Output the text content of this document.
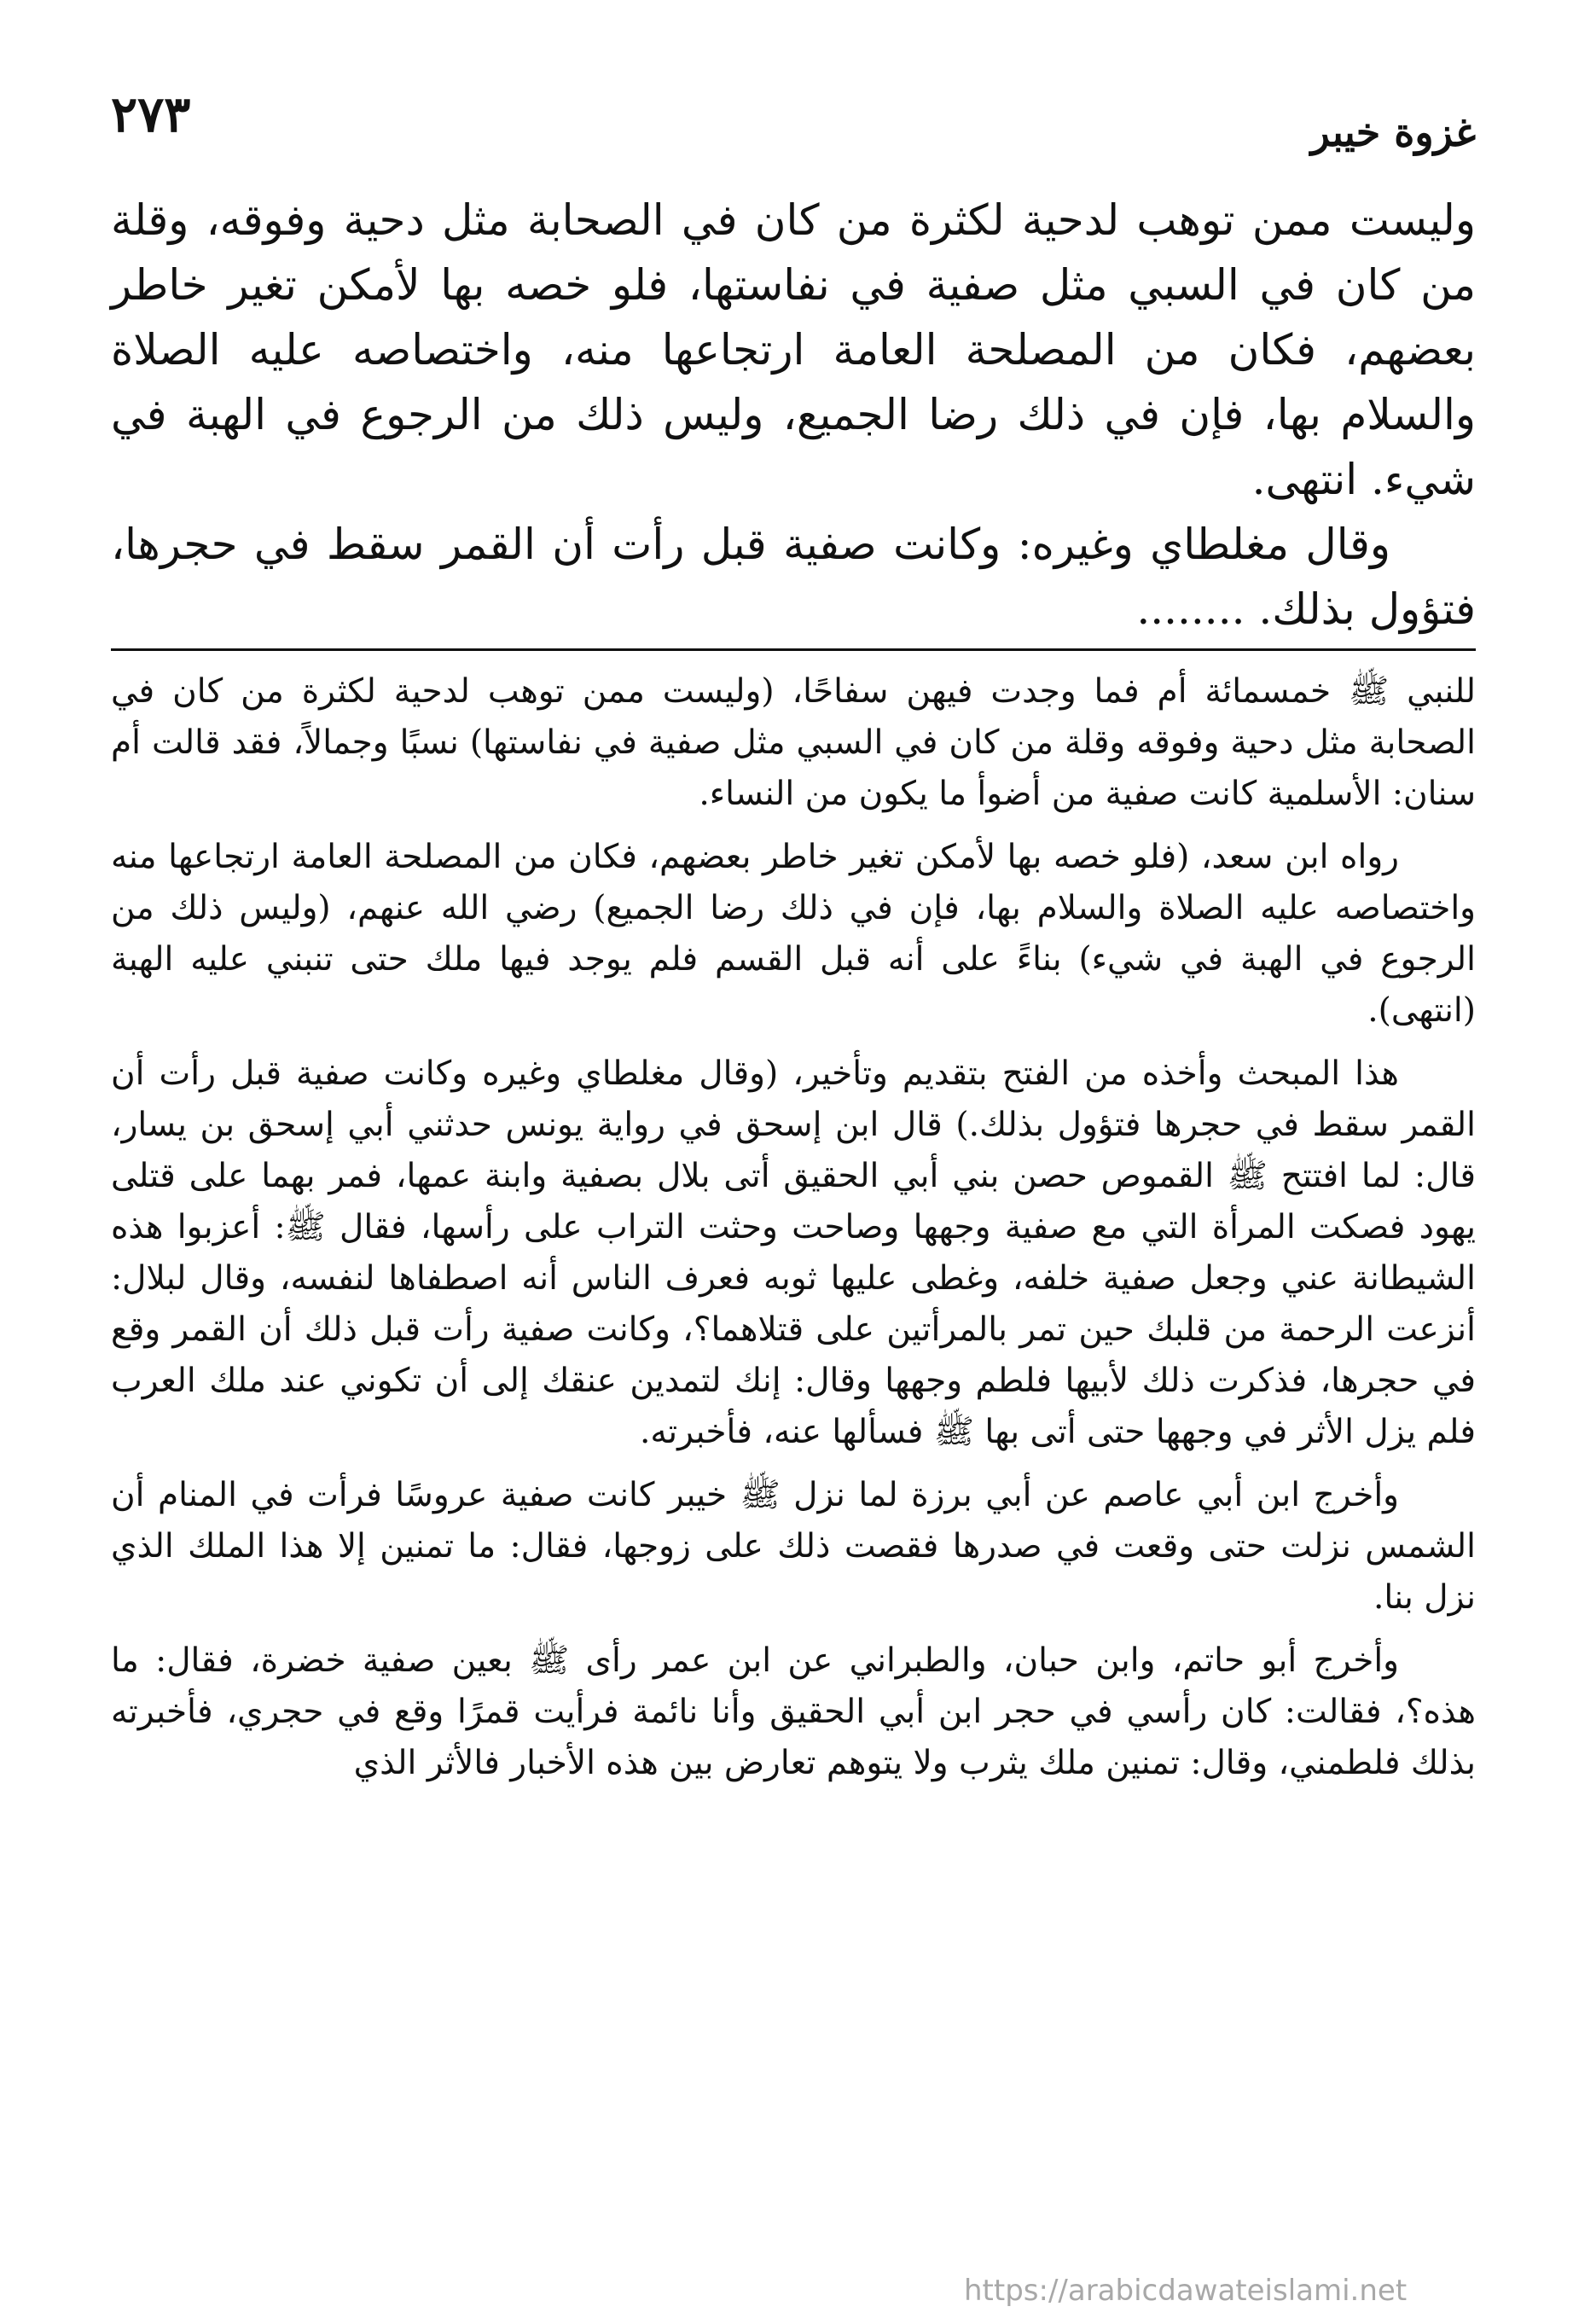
غزوة خيبر
٢٧٣

وليست ممن توهب لدحية لكثرة من كان في الصحابة مثل دحية وفوقه، وقلة من كان في السبي مثل صفية في نفاستها، فلو خصه بها لأمكن تغير خاطر بعضهم، فكان من المصلحة العامة ارتجاعها منه، واختصاصه عليه الصلاة والسلام بها، فإن في ذلك رضا الجميع، وليس ذلك من الرجوع في الهبة في شيء. انتهى.

وقال مغلطاي وغيره: وكانت صفية قبل رأت أن القمر سقط في حجرها، فتؤول بذلك. ........

للنبي ﷺ خمسمائة أم فما وجدت فيهن سفاحًا، (وليست ممن توهب لدحية لكثرة من كان في الصحابة مثل دحية وفوقه وقلة من كان في السبي مثل صفية في نفاستها) نسبًا وجمالاً، فقد قالت أم سنان: الأسلمية كانت صفية من أضوأ ما يكون من النساء.

رواه ابن سعد، (فلو خصه بها لأمكن تغير خاطر بعضهم، فكان من المصلحة العامة ارتجاعها منه واختصاصه عليه الصلاة والسلام بها، فإن في ذلك رضا الجميع) رضي الله عنهم، (وليس ذلك من الرجوع في الهبة في شيء) بناءً على أنه قبل القسم فلم يوجد فيها ملك حتى تنبني عليه الهبة (انتهى).

هذا المبحث وأخذه من الفتح بتقديم وتأخير، (وقال مغلطاي وغيره وكانت صفية قبل رأت أن القمر سقط في حجرها فتؤول بذلك.) قال ابن إسحق في رواية يونس حدثني أبي إسحق بن يسار، قال: لما افتتح ﷺ القموص حصن بني أبي الحقيق أتى بلال بصفية وابنة عمها، فمر بهما على قتلى يهود فصكت المرأة التي مع صفية وجهها وصاحت وحثت التراب على رأسها، فقال ﷺ: أعزبوا هذه الشيطانة عني وجعل صفية خلفه، وغطى عليها ثوبه فعرف الناس أنه اصطفاها لنفسه، وقال لبلال: أنزعت الرحمة من قلبك حين تمر بالمرأتين على قتلاهما؟، وكانت صفية رأت قبل ذلك أن القمر وقع في حجرها، فذكرت ذلك لأبيها فلطم وجهها وقال: إنك لتمدين عنقك إلى أن تكوني عند ملك العرب فلم يزل الأثر في وجهها حتى أتى بها ﷺ فسألها عنه، فأخبرته.

وأخرج ابن أبي عاصم عن أبي برزة لما نزل ﷺ خيبر كانت صفية عروسًا فرأت في المنام أن الشمس نزلت حتى وقعت في صدرها فقصت ذلك على زوجها، فقال: ما تمنين إلا هذا الملك الذي نزل بنا.

وأخرج أبو حاتم، وابن حبان، والطبراني عن ابن عمر رأى ﷺ بعين صفية خضرة، فقال: ما هذه؟، فقالت: كان رأسي في حجر ابن أبي الحقيق وأنا نائمة فرأيت قمرًا وقع في حجري، فأخبرته بذلك فلطمني، وقال: تمنين ملك يثرب ولا يتوهم تعارض بين هذه الأخبار فالأثر الذي

https://arabicdawateislami.net
